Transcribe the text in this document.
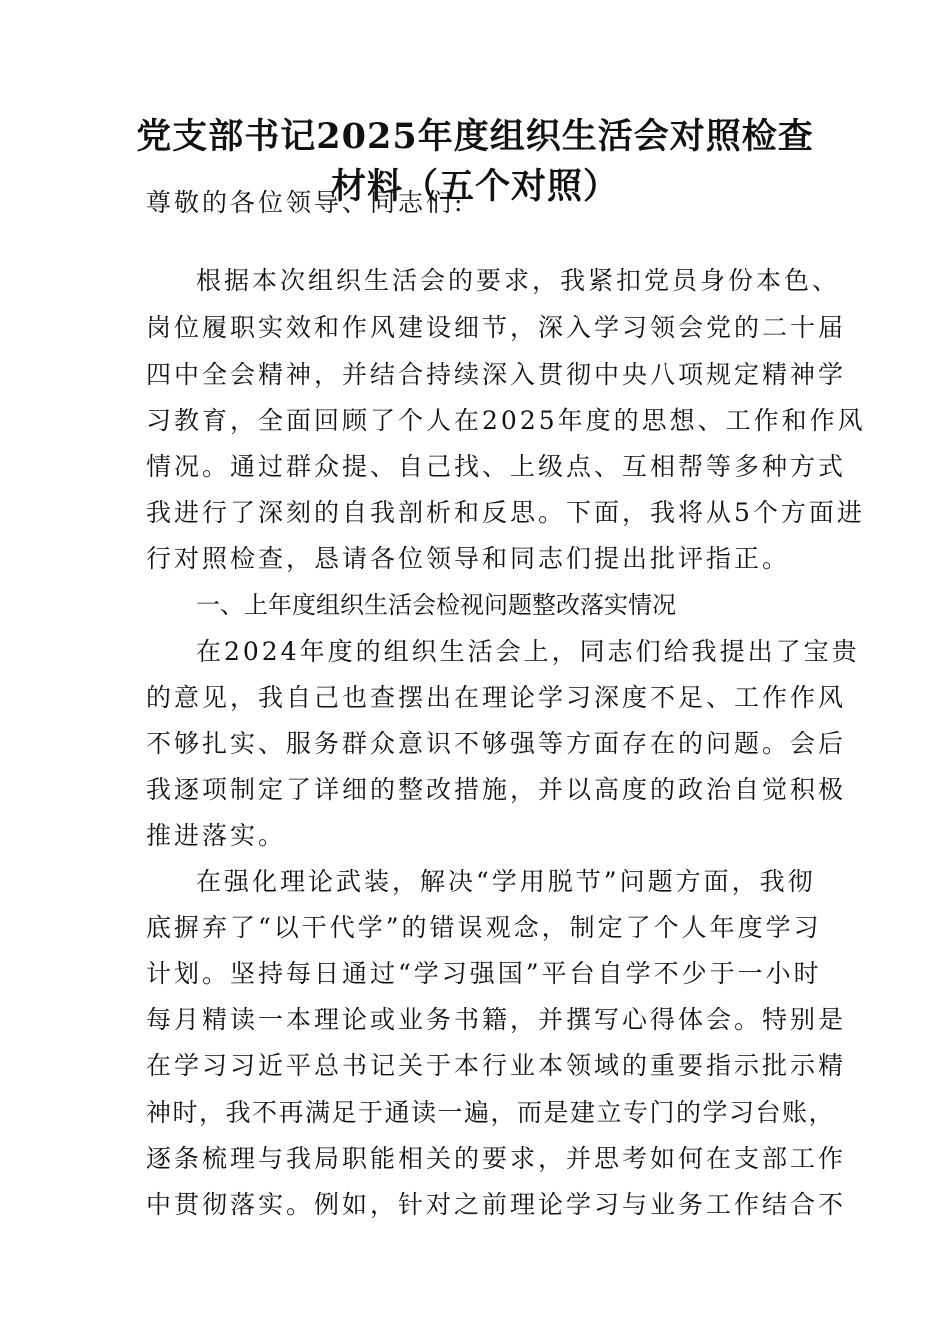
党支部书记2025年度组织生活会对照检查
材料（五个对照）
尊敬的各位领导、同志们:
根据本次组织生活会的要求，我紧扣党员身份本色、
岗位履职实效和作风建设细节，深入学习领会党的二十届
四中全会精神，并结合持续深入贯彻中央八项规定精神学
习教育，全面回顾了个人在2025年度的思想、工作和作风
情况。通过群众提、自己找、上级点、互相帮等多种方式
我进行了深刻的自我剖析和反思。下面，我将从5个方面进
行对照检查，恳请各位领导和同志们提出批评指正。
一、上年度组织生活会检视问题整改落实情况
在2024年度的组织生活会上，同志们给我提出了宝贵
的意见，我自己也查摆出在理论学习深度不足、工作作风
不够扎实、服务群众意识不够强等方面存在的问题。会后
我逐项制定了详细的整改措施，并以高度的政治自觉积极
推进落实。
在强化理论武装，解决“学用脱节”问题方面，我彻
底摒弃了“以干代学”的错误观念，制定了个人年度学习
计划。坚持每日通过“学习强国”平台自学不少于一小时
每月精读一本理论或业务书籍，并撰写心得体会。特别是
在学习习近平总书记关于本行业本领域的重要指示批示精
神时，我不再满足于通读一遍，而是建立专门的学习台账，
逐条梳理与我局职能相关的要求，并思考如何在支部工作
中贯彻落实。例如，针对之前理论学习与业务工作结合不
